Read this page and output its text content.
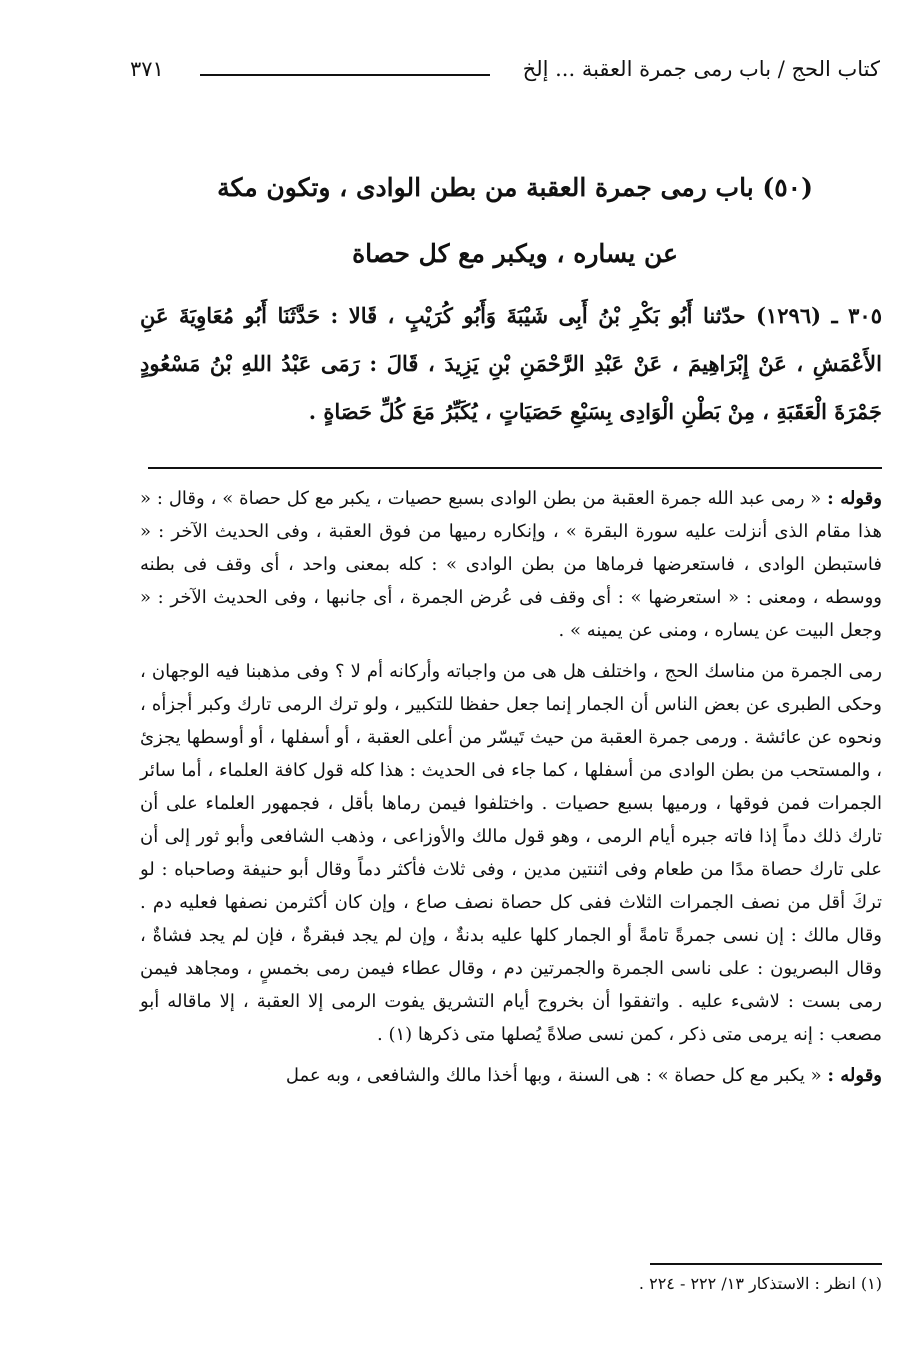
كتاب الحج / باب رمى جمرة العقبة ... إلخ
٣٧١
(٥٠) باب رمى جمرة العقبة من بطن الوادى ، وتكون مكة
عن يساره ، ويكبر مع كل حصاة
٣٠٥ ـ (١٢٩٦) حدّثنا أَبُو بَكْرِ بْنُ أَبِى شَيْبَةَ وَأَبُو كُرَيْبٍ ، قَالا : حَدَّثَنَا أَبُو مُعَاوِيَةَ عَنِ الأَعْمَشِ ، عَنْ إِبْرَاهِيمَ ، عَنْ عَبْدِ الرَّحْمَنِ بْنِ يَزِيدَ ، قَالَ : رَمَى عَبْدُ اللهِ بْنُ مَسْعُودٍ جَمْرَةَ الْعَقَبَةِ ، مِنْ بَطْنِ الْوَادِى بِسَبْعِ حَصَيَاتٍ ، يُكَبِّرُ مَعَ كُلِّ حَصَاةٍ .

وقوله : « رمى عبد الله جمرة العقبة من بطن الوادى بسبع حصيات ، يكبر مع كل حصاة » ، وقال : « هذا مقام الذى أنزلت عليه سورة البقرة » ، وإنكاره رميها من فوق العقبة ، وفى الحديث الآخر : « فاستبطن الوادى ، فاستعرضها فرماها من بطن الوادى » : كله بمعنى واحد ، أى وقف فى بطنه ووسطه ، ومعنى : « استعرضها » : أى وقف فى عُرض الجمرة ، أى جانبها ، وفى الحديث الآخر : « وجعل البيت عن يساره ، ومنى عن يمينه » .

رمى الجمرة من مناسك الحج ، واختلف هل هى من واجباته وأركانه أم لا ؟ وفى مذهبنا فيه الوجهان ، وحكى الطبرى عن بعض الناس أن الجمار إنما جعل حفظا للتكبير ، ولو ترك الرمى تارك وكبر أجزأه ، ونحوه عن عائشة . ورمى جمرة العقبة من حيث تَيسّر من أعلى العقبة ، أو أسفلها ، أو أوسطها يجزئ ، والمستحب من بطن الوادى من أسفلها ، كما جاء فى الحديث : هذا كله قول كافة العلماء ، أما سائر الجمرات فمن فوقها ، ورميها بسبع حصيات . واختلفوا فيمن رماها بأقل ، فجمهور العلماء على أن تارك ذلك دماً إذا فاته جبره أيام الرمى ، وهو قول مالك والأوزاعى ، وذهب الشافعى وأبو ثور إلى أن على تارك حصاة مدًا من طعام وفى اثنتين مدين ، وفى ثلاث فأكثر دماً وقال أبو حنيفة وصاحباه : لو تركَ أقل من نصف الجمرات الثلاث ففى كل حصاة نصف صاع ، وإن كان أكثرمن نصفها فعليه دم . وقال مالك : إن نسى جمرةً تامةً أو الجمار كلها عليه بدنةٌ ، وإن لم يجد فبقرةٌ ، فإن لم يجد فشاةٌ ، وقال البصريون : على ناسى الجمرة والجمرتين دم ، وقال عطاء فيمن رمى بخمسٍ ، ومجاهد فيمن رمى بست : لاشىء عليه . واتفقوا أن بخروج أيام التشريق يفوت الرمى إلا العقبة ، إلا ماقاله أبو مصعب : إنه يرمى متى ذكر ، كمن نسى صلاةً يُصلها متى ذكرها (١) .

وقوله : « يكبر مع كل حصاة » : هى السنة ، وبها أخذا مالك والشافعى ، وبه عمل

(١) انظر : الاستذكار ١٣/ ٢٢٢ - ٢٢٤ .
